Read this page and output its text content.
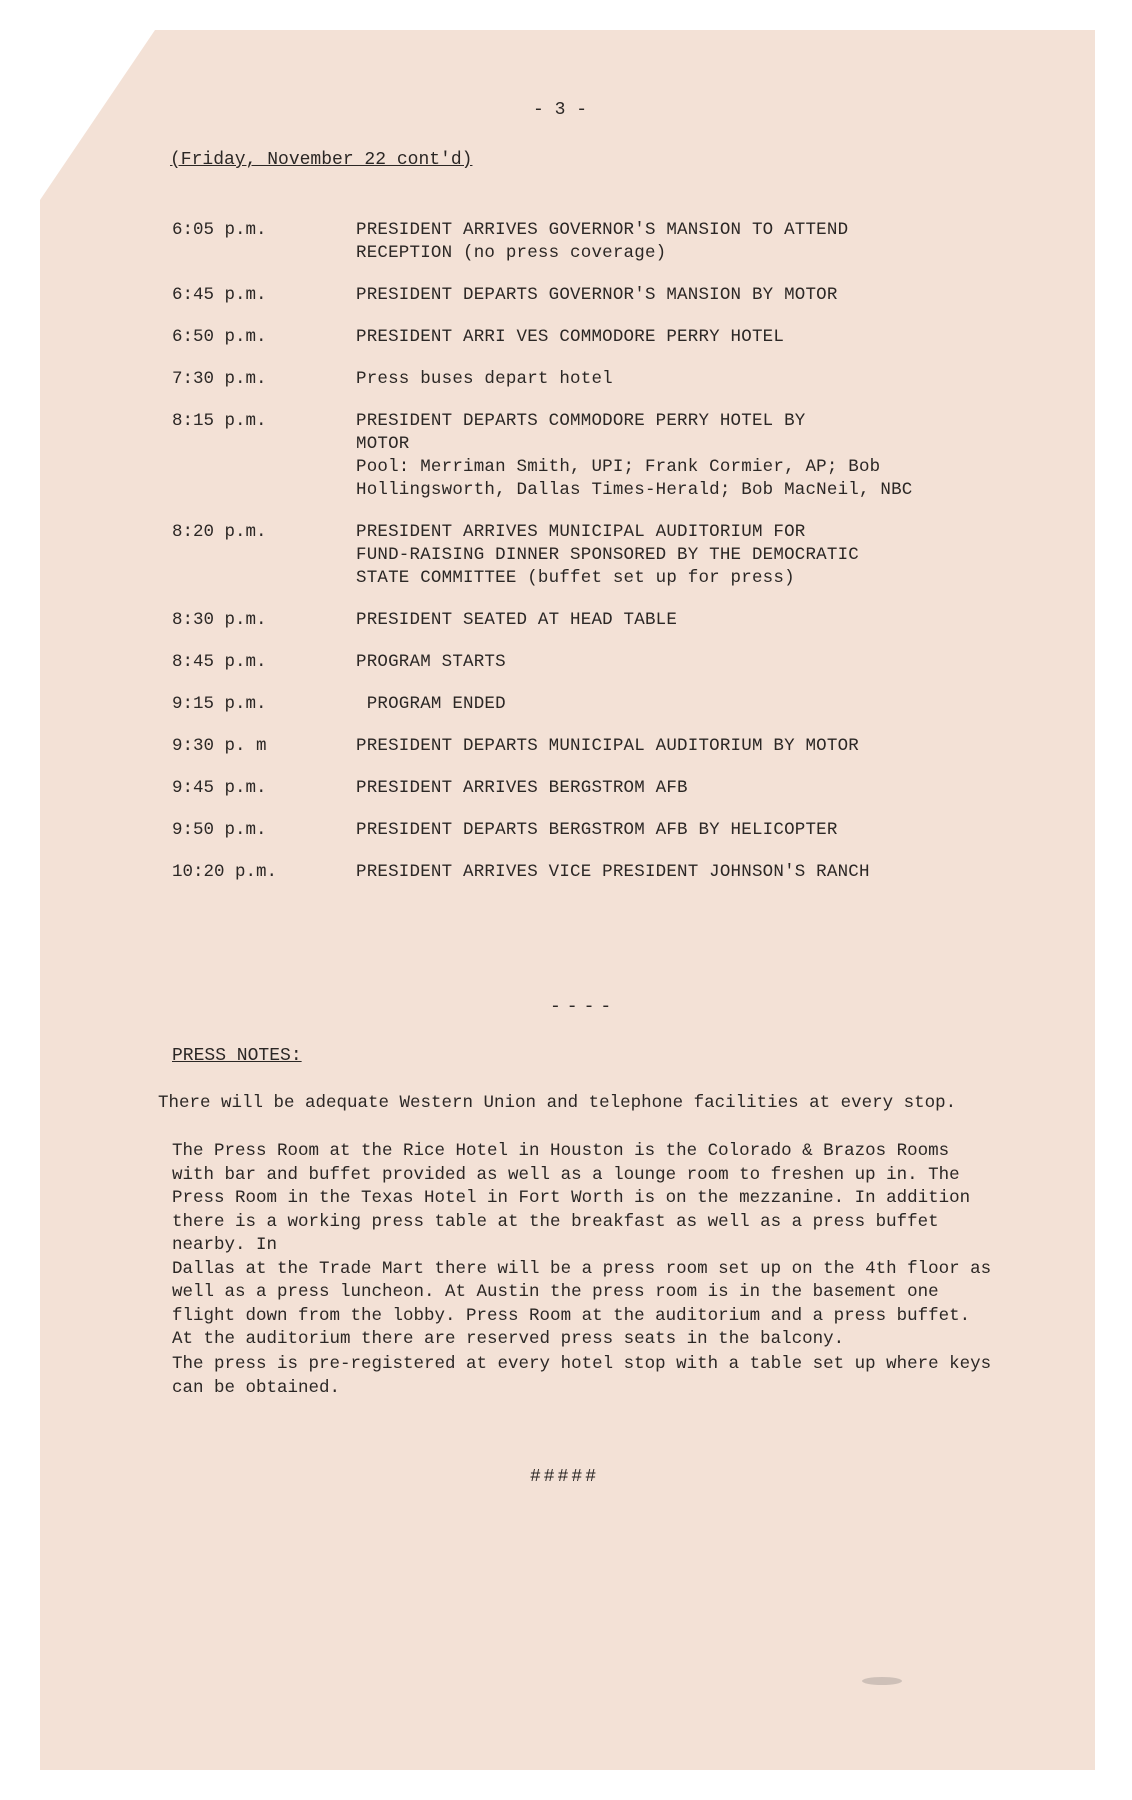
- 3 -
(Friday, November 22 cont'd)
6:05 p.m.	PRESIDENT ARRIVES GOVERNOR'S MANSION TO ATTEND
RECEPTION (no press coverage)
6:45 p.m.	PRESIDENT DEPARTS GOVERNOR'S MANSION BY MOTOR
6:50 p.m.	PRESIDENT ARRI VES COMMODORE PERRY HOTEL
7:30 p.m.	Press buses depart hotel
8:15 p.m.	PRESIDENT DEPARTS COMMODORE PERRY HOTEL BY
MOTOR
Pool: Merriman Smith, UPI; Frank Cormier, AP; Bob
Hollingsworth, Dallas Times-Herald; Bob MacNeil, NBC
8:20 p.m.	PRESIDENT ARRIVES MUNICIPAL AUDITORIUM FOR
FUND-RAISING DINNER SPONSORED BY THE DEMOCRATIC
STATE COMMITTEE (buffet set up for press)
8:30 p.m.	PRESIDENT SEATED AT HEAD TABLE
8:45 p.m.	PROGRAM STARTS
9:15 p.m.	PROGRAM ENDED
9:30 p. m	PRESIDENT DEPARTS MUNICIPAL AUDITORIUM BY MOTOR
9:45 p.m.	PRESIDENT ARRIVES BERGSTROM AFB
9:50 p.m.	PRESIDENT DEPARTS BERGSTROM AFB BY HELICOPTER
10:20 p.m.	PRESIDENT ARRIVES VICE PRESIDENT JOHNSON'S RANCH
----
PRESS NOTES:
There will be adequate Western Union and telephone facilities at every stop.
The Press Room at the Rice Hotel in Houston is the Colorado & Brazos Rooms
with bar and buffet provided as well as a lounge room to freshen up in. The
Press Room in the Texas Hotel in Fort Worth is on the mezzanine. In addition
there is a working press table at the breakfast as well as a press buffet nearby. In
Dallas at the Trade Mart there will be a press room set up on the 4th floor as
well as a press luncheon. At Austin the press room is in the basement one
flight down from the lobby. Press Room at the auditorium and a press buffet.
At the auditorium there are reserved press seats in the balcony.
The press is pre-registered at every hotel stop with a table set up where keys
can be obtained.
#####
